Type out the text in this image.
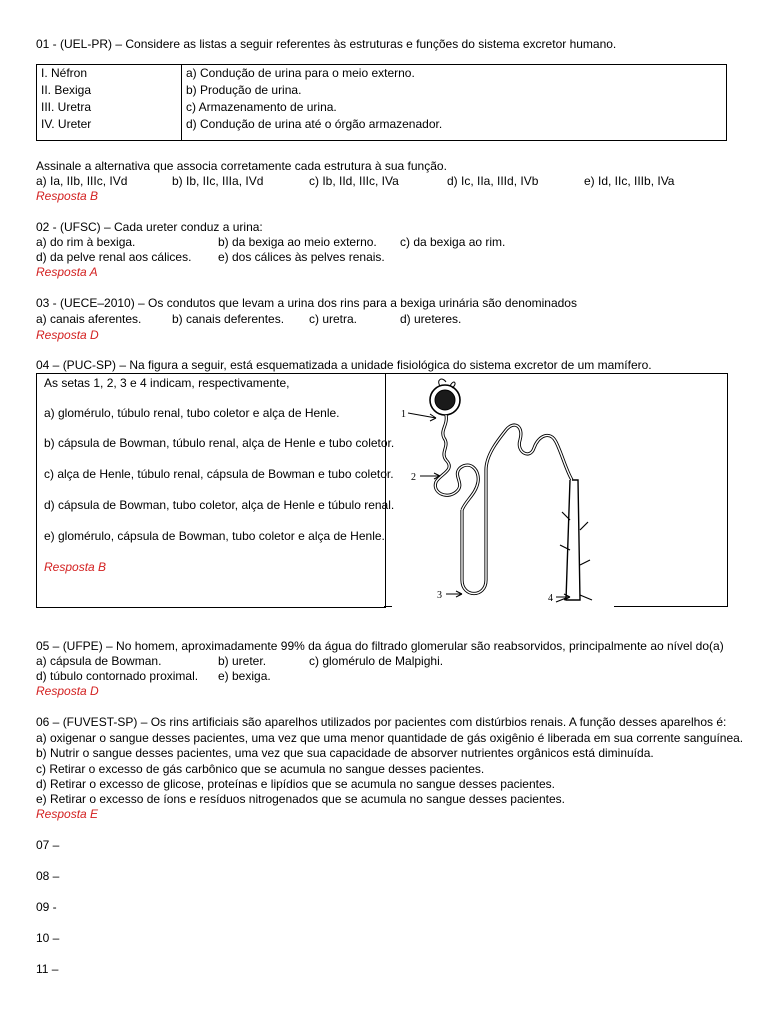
01 - (UEL-PR) – Considere as listas a seguir referentes às estruturas e funções do sistema excretor humano.
I. Néfron	a) Condução de urina para o meio externo.
II. Bexiga	b) Produção de urina.
III. Uretra	c) Armazenamento de urina.
IV. Ureter	d) Condução de urina até o órgão armazenador.
Assinale a alternativa que associa corretamente cada estrutura à sua função.
a) Ia, IIb, IIIc, IVd	b) Ib, IIc, IIIa, IVd	c) Ib, IId, IIIc, IVa	d) Ic, IIa, IIId, IVb	e) Id, IIc, IIIb, IVa
Resposta B
02 - (UFSC) – Cada ureter conduz a urina:
a) do rim à bexiga.	b) da bexiga ao meio externo. c) da bexiga ao rim.
d) da pelve renal aos cálices. e) dos cálices às pelves renais.
Resposta A
03 - (UECE–2010) – Os condutos que levam a urina dos rins para a bexiga urinária são denominados
a) canais aferentes.	b) canais deferentes. c) uretra.	d) ureteres.
Resposta D
04 – (PUC-SP) – Na figura a seguir, está esquematizada a unidade fisiológica do sistema excretor de um mamífero.
As setas 1, 2, 3 e 4 indicam, respectivamente,
a) glomérulo, túbulo renal, tubo coletor e alça de Henle.
b) cápsula de Bowman, túbulo renal, alça de Henle e tubo coletor.
c) alça de Henle, túbulo renal, cápsula de Bowman e tubo coletor.
d) cápsula de Bowman, tubo coletor, alça de Henle e túbulo renal.
e) glomérulo, cápsula de Bowman, tubo coletor e alça de Henle.
Resposta B
1
2
3	4
05 – (UFPE) – No homem, aproximadamente 99% da água do filtrado glomerular são reabsorvidos, principalmente ao nível do(a)
a) cápsula de Bowman.	b) ureter.	c) glomérulo de Malpighi.
d) túbulo contornado proximal. e) bexiga.
Resposta D
06 – (FUVEST-SP) – Os rins artificiais são aparelhos utilizados por pacientes com distúrbios renais. A função desses aparelhos é:
a) oxigenar o sangue desses pacientes, uma vez que uma menor quantidade de gás oxigênio é liberada em sua corrente sanguínea.
b) Nutrir o sangue desses pacientes, uma vez que sua capacidade de absorver nutrientes orgânicos está diminuída.
c) Retirar o excesso de gás carbônico que se acumula no sangue desses pacientes.
d) Retirar o excesso de glicose, proteínas e lipídios que se acumula no sangue desses pacientes.
e) Retirar o excesso de íons e resíduos nitrogenados que se acumula no sangue desses pacientes.
Resposta E
07 –
08 –
09 -
10 –
11 –
